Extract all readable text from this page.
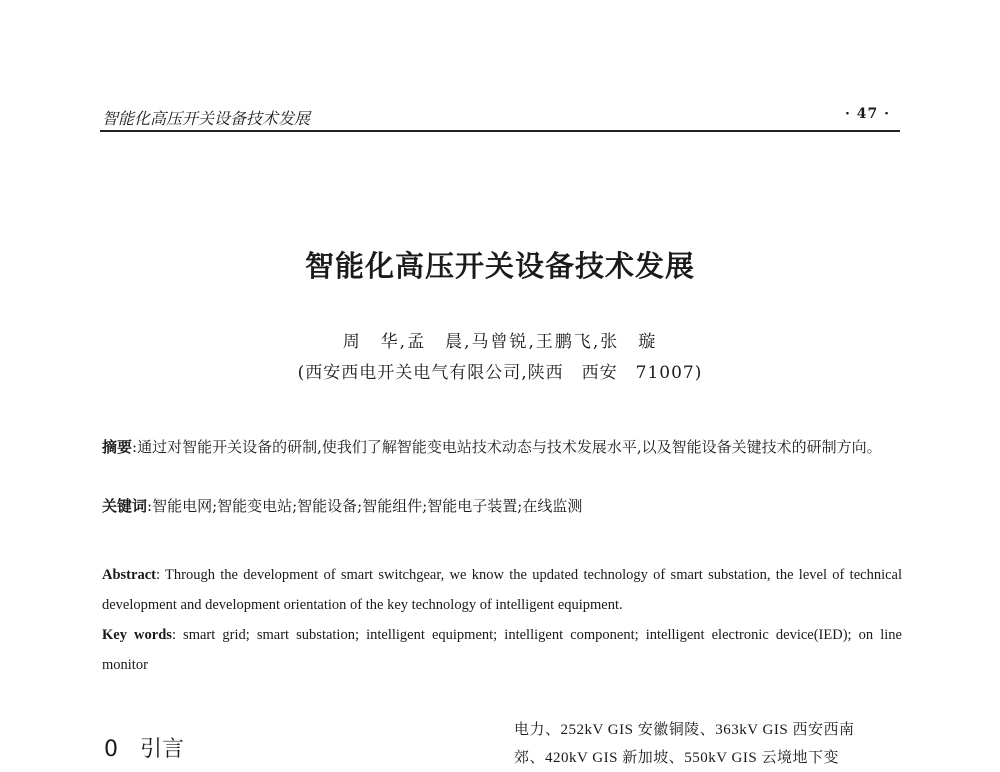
智能化高压开关设备技术发展	· 47 ·
智能化高压开关设备技术发展
周　华,孟　晨,马曾锐,王鹏飞,张　璇
(西安西电开关电气有限公司,陕西　西安　71007)
摘要:通过对智能开关设备的研制,使我们了解智能变电站技术动态与技术发展水平,以及智能设备关键技术的研制方向。
关键词:智能电网;智能变电站;智能设备;智能组件;智能电子装置;在线监测
Abstract: Through the development of smart switchgear, we know the updated technology of smart substation, the level of technical development and development orientation of the key technology of intelligent equipment.
Key words: smart grid; smart substation; intelligent equipment; intelligent component; intelligent electronic device(IED); on line monitor
0 引言
电力、252kV GIS 安徽铜陵、363kV GIS 西安西南
郊、420kV GIS 新加坡、550kV GIS 云境地下变
